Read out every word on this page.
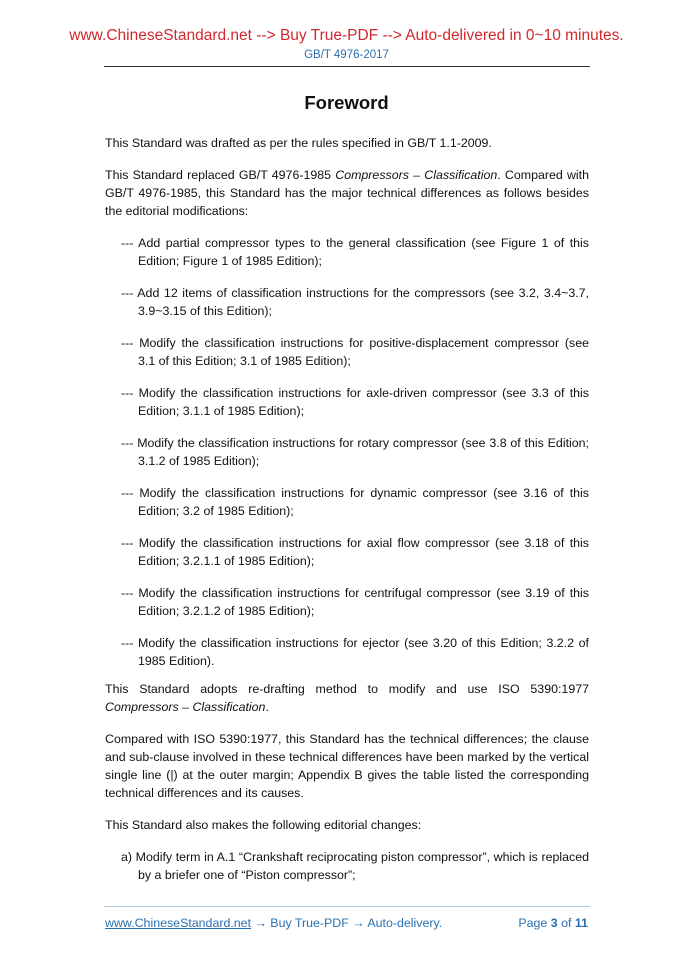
www.ChineseStandard.net --> Buy True-PDF --> Auto-delivered in 0~10 minutes.
GB/T 4976-2017
Foreword

This Standard was drafted as per the rules specified in GB/T 1.1-2009.

This Standard replaced GB/T 4976-1985 Compressors – Classification. Compared with GB/T 4976-1985, this Standard has the major technical differences as follows besides the editorial modifications:

--- Add partial compressor types to the general classification (see Figure 1 of this Edition; Figure 1 of 1985 Edition);

--- Add 12 items of classification instructions for the compressors (see 3.2, 3.4~3.7, 3.9~3.15 of this Edition);

--- Modify the classification instructions for positive-displacement compressor (see 3.1 of this Edition; 3.1 of 1985 Edition);

--- Modify the classification instructions for axle-driven compressor (see 3.3 of this Edition; 3.1.1 of 1985 Edition);

--- Modify the classification instructions for rotary compressor (see 3.8 of this Edition; 3.1.2 of 1985 Edition);

--- Modify the classification instructions for dynamic compressor (see 3.16 of this Edition; 3.2 of 1985 Edition);

--- Modify the classification instructions for axial flow compressor (see 3.18 of this Edition; 3.2.1.1 of 1985 Edition);

--- Modify the classification instructions for centrifugal compressor (see 3.19 of this Edition; 3.2.1.2 of 1985 Edition);

--- Modify the classification instructions for ejector (see 3.20 of this Edition; 3.2.2 of 1985 Edition).

This Standard adopts re-drafting method to modify and use ISO 5390:1977 Compressors – Classification.

Compared with ISO 5390:1977, this Standard has the technical differences; the clause and sub-clause involved in these technical differences have been marked by the vertical single line (|) at the outer margin; Appendix B gives the table listed the corresponding technical differences and its causes.

This Standard also makes the following editorial changes:

a) Modify term in A.1 “Crankshaft reciprocating piston compressor”, which is replaced by a briefer one of “Piston compressor”;

www.ChineseStandard.net → Buy True-PDF → Auto-delivery.	Page 3 of 11
